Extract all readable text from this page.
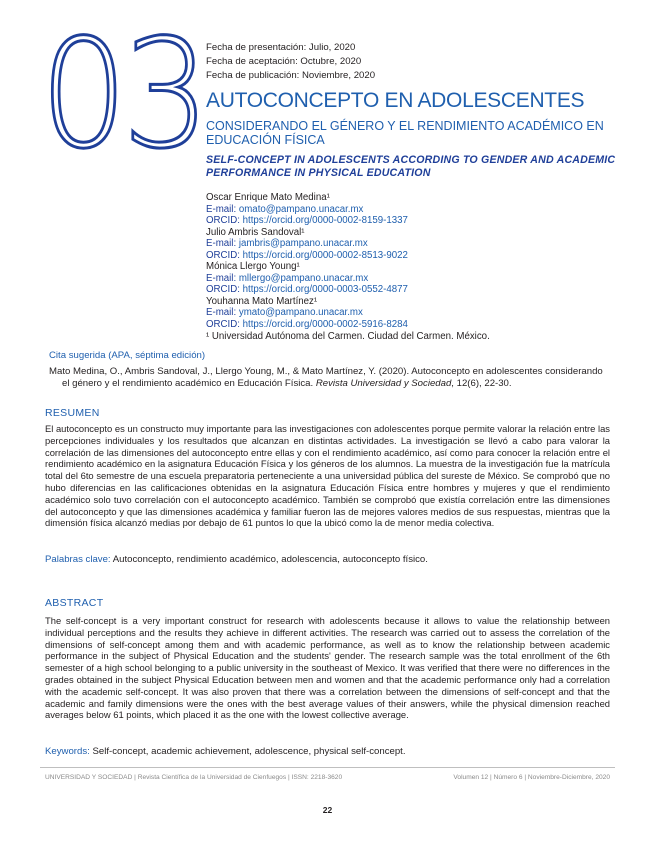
03 Fecha de presentación: Julio, 2020
Fecha de aceptación: Octubre, 2020
Fecha de publicación: Noviembre, 2020
AUTOCONCEPTO EN ADOLESCENTES
CONSIDERANDO EL GÉNERO Y EL RENDIMIENTO ACADÉMICO EN EDUCACIÓN FÍSICA
SELF-CONCEPT IN ADOLESCENTS ACCORDING TO GENDER AND ACADEMIC PERFORMANCE IN PHYSICAL EDUCATION
Oscar Enrique Mato Medina¹
E-mail: omato@pampano.unacar.mx
ORCID: https://orcid.org/0000-0002-8159-1337
Julio Ambris Sandoval¹
E-mail: jambris@pampano.unacar.mx
ORCID: https://orcid.org/0000-0002-8513-9022
Mónica Llergo Young¹
E-mail: mllergo@pampano.unacar.mx
ORCID: https://orcid.org/0000-0003-0552-4877
Youhanna Mato Martínez¹
E-mail: ymato@pampano.unacar.mx
ORCID: https://orcid.org/0000-0002-5916-8284
¹ Universidad Autónoma del Carmen. Ciudad del Carmen. México.
Cita sugerida (APA, séptima edición)
Mato Medina, O., Ambris Sandoval, J., Llergo Young, M., & Mato Martínez, Y. (2020). Autoconcepto en adolescentes considerando el género y el rendimiento académico en Educación Física. Revista Universidad y Sociedad, 12(6), 22-30.
RESUMEN
El autoconcepto es un constructo muy importante para las investigaciones con adolescentes porque permite valorar la relación entre las percepciones individuales y los resultados que alcanzan en distintas actividades. La investigación se llevó a cabo para valorar la correlación de las dimensiones del autoconcepto entre ellas y con el rendimiento académico, así como para conocer la relación entre el rendimiento académico en la asignatura Educación Física y los géneros de los alumnos. La muestra de la investigación fue la matrícula total del 6to semestre de una escuela preparatoria perteneciente a una universidad pública del sureste de México. Se comprobó que no hubo diferencias en las calificaciones obtenidas en la asignatura Educación Física entre hombres y mujeres y que el rendimiento académico solo tuvo correlación con el autoconcepto académico. También se comprobó que existía correlación entre las dimensiones del autoconcepto y que las dimensiones académica y familiar fueron las de mejores valores medios de sus respuestas, mientras que la dimensión física alcanzó medias por debajo de 61 puntos lo que la ubicó como la de menor media colectiva.
Palabras clave: Autoconcepto, rendimiento académico, adolescencia, autoconcepto físico.
ABSTRACT
The self-concept is a very important construct for research with adolescents because it allows to value the relationship between individual perceptions and the results they achieve in different activities. The research was carried out to assess the correlation of the dimensions of self-concept among them and with academic performance, as well as to know the relationship between academic performance in the subject of Physical Education and the students' gender. The research sample was the total enrollment of the 6th semester of a high school belonging to a public university in the southeast of Mexico. It was verified that there were no differences in the grades obtained in the subject Physical Education between men and women and that the academic performance only had a correlation with the academic self-concept. It was also proven that there was a correlation between the dimensions of self-concept and that the academic and family dimensions were the ones with the best average values of their answers, while the physical dimension reached averages below 61 points, which placed it as the one with the lowest collective average.
Keywords: Self-concept, academic achievement, adolescence, physical self-concept.
UNIVERSIDAD Y SOCIEDAD | Revista Científica de la Universidad de Cienfuegos | ISSN: 2218-3620	Volumen 12 | Número 6 | Noviembre-Diciembre, 2020
22
